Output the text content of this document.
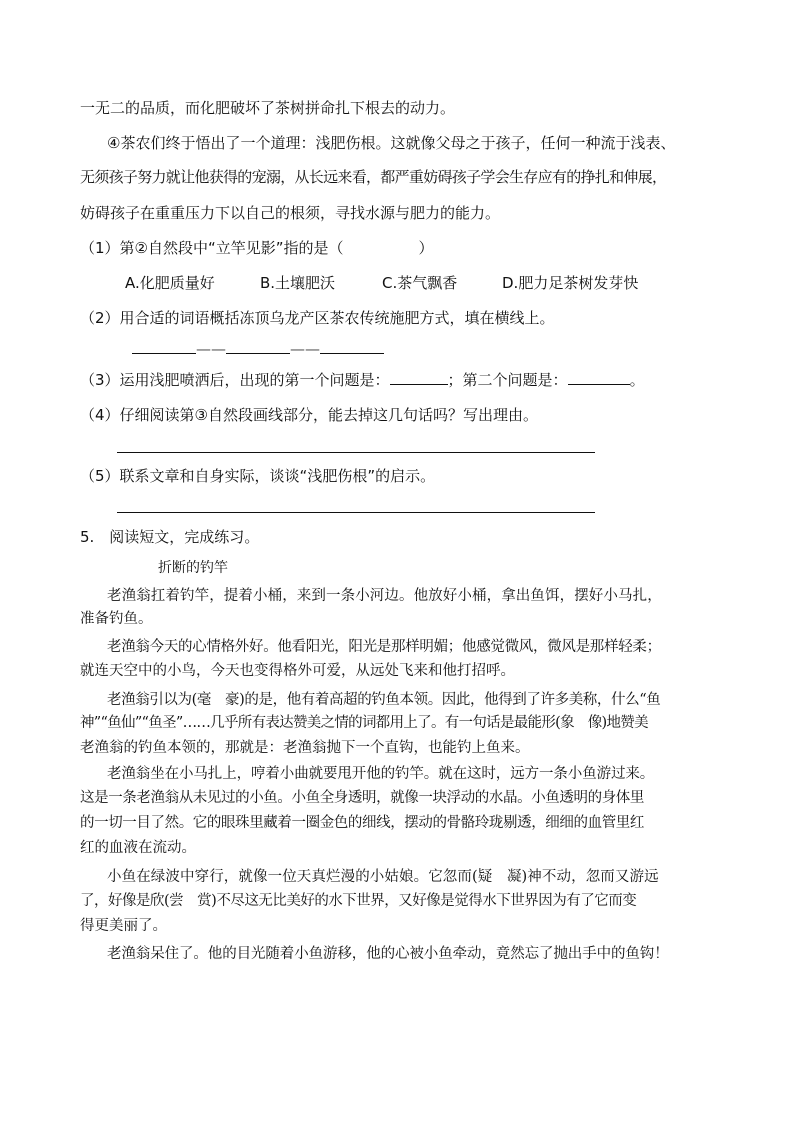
一无二的品质，而化肥破坏了茶树拼命扎下根去的动力。
④茶农们终于悟出了一个道理：浅肥伤根。这就像父母之于孩子，任何一种流于浅表、
无须孩子努力就让他获得的宠溺，从长远来看，都严重妨碍孩子学会生存应有的挣扎和伸展，
妨碍孩子在重重压力下以自己的根须，寻找水源与肥力的能力。
（1）第②自然段中“立竿见影”指的是（　　　　　）
A.化肥质量好	B.土壤肥沃	C.茶气飘香	D.肥力足茶树发芽快
（2）用合适的词语概括冻顶乌龙产区茶农传统施肥方式，填在横线上。
——	——
（3）运用浅肥喷洒后，出现的第一个问题是：	；第二个问题是：	。
（4）仔细阅读第③自然段画线部分，能去掉这几句话吗？写出理由。
（5）联系文章和自身实际，谈谈“浅肥伤根”的启示。
5.　阅读短文，完成练习。
折断的钓竿
老渔翁扛着钓竿，提着小桶，来到一条小河边。他放好小桶，拿出鱼饵，摆好小马扎，
准备钓鱼。
老渔翁今天的心情格外好。他看阳光，阳光是那样明媚；他感觉微风，微风是那样轻柔；
就连天空中的小鸟，今天也变得格外可爱，从远处飞来和他打招呼。
老渔翁引以为(毫　豪)的是，他有着高超的钓鱼本领。因此，他得到了许多美称，什么“鱼
神”“鱼仙”“鱼圣”……几乎所有表达赞美之情的词都用上了。有一句话是最能形(象　像)地赞美
老渔翁的钓鱼本领的，那就是：老渔翁抛下一个直钩，也能钓上鱼来。
老渔翁坐在小马扎上，哼着小曲就要甩开他的钓竿。就在这时，远方一条小鱼游过来。
这是一条老渔翁从未见过的小鱼。小鱼全身透明，就像一块浮动的水晶。小鱼透明的身体里
的一切一目了然。它的眼珠里藏着一圈金色的细线，摆动的骨骼玲珑剔透，细细的血管里红
红的血液在流动。
小鱼在绿波中穿行，就像一位天真烂漫的小姑娘。它忽而(疑　凝)神不动，忽而又游远
了，好像是欣(尝　赏)不尽这无比美好的水下世界，又好像是觉得水下世界因为有了它而变
得更美丽了。
老渔翁呆住了。他的目光随着小鱼游移，他的心被小鱼牵动，竟然忘了抛出手中的鱼钩！
